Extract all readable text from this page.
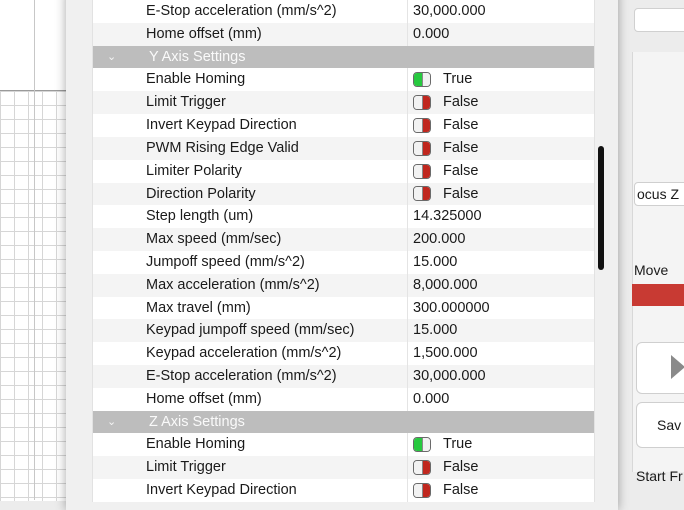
ocus Z
Move
Sav
Start Fr
E-Stop acceleration (mm/s^2)	30,000.000
Home offset (mm)	0.000
⌄ Y Axis Settings
Enable Homing	True
Limit Trigger	False
Invert Keypad Direction	False
PWM Rising Edge Valid	False
Limiter Polarity	False
Direction Polarity	False
Step length (um)	14.325000
Max speed (mm/sec)	200.000
Jumpoff speed (mm/s^2)	15.000
Max acceleration (mm/s^2)	8,000.000
Max travel (mm)	300.000000
Keypad jumpoff speed (mm/sec)	15.000
Keypad acceleration (mm/s^2)	1,500.000
E-Stop acceleration (mm/s^2)	30,000.000
Home offset (mm)	0.000
⌄ Z Axis Settings
Enable Homing	True
Limit Trigger	False
Invert Keypad Direction	False
